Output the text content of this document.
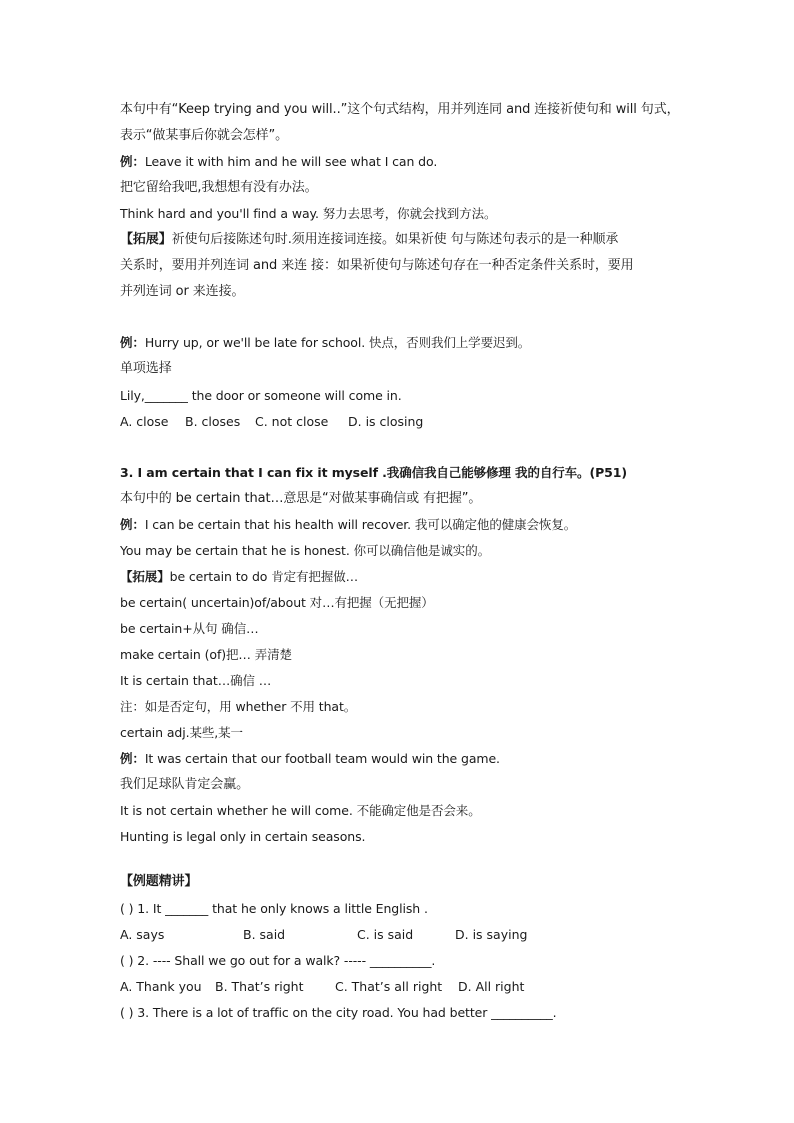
本句中有“Keep trying and you will..”这个句式结构，用并列连同 and 连接祈使句和 will 句式，
表示“做某事后你就会怎样”。
例：Leave it with him and he will see what I can do.
把它留给我吧,我想想有没有办法。
Think hard and you'll find a way. 努力去思考，你就会找到方法。
【拓展】祈使句后接陈述句时.须用连接词连接。如果祈使 句与陈述句表示的是一种顺承
关系时，要用并列连词 and 来连 接：如果祈使句与陈述句存在一种否定条件关系时，要用
并列连词 or 来连接。
例：Hurry up, or we'll be late for school. 快点，否则我们上学要迟到。
单项选择
Lily,_______ the door or someone will come in.
A. close B. closes C. not close D. is closing
3. I am certain that I can fix it myself .我确信我自己能够修理 我的自行车。(P51)
本句中的 be certain that…意思是“对做某事确信或 有把握”。
例：I can be certain that his health will recover. 我可以确定他的健康会恢复。
You may be certain that he is honest. 你可以确信他是诚实的。
【拓展】be certain to do 肯定有把握做…
be certain( uncertain)of/about 对…有把握（无把握）
be certain+从句 确信…
make certain (of)把… 弄清楚
It is certain that…确信 …
注：如是否定句，用 whether 不用 that。
certain adj.某些,某一
例：It was certain that our football team would win the game.
我们足球队肯定会赢。
It is not certain whether he will come. 不能确定他是否会来。
Hunting is legal only in certain seasons.
【例题精讲】
( ) 1. It _______ that he only knows a little English .
A. says	B. said	C. is said	D. is saying
( ) 2. ---- Shall we go out for a walk? ----- __________.
A. Thank you B. That’s right	C. That’s all right D. All right
( ) 3. There is a lot of traffic on the city road. You had better __________.
